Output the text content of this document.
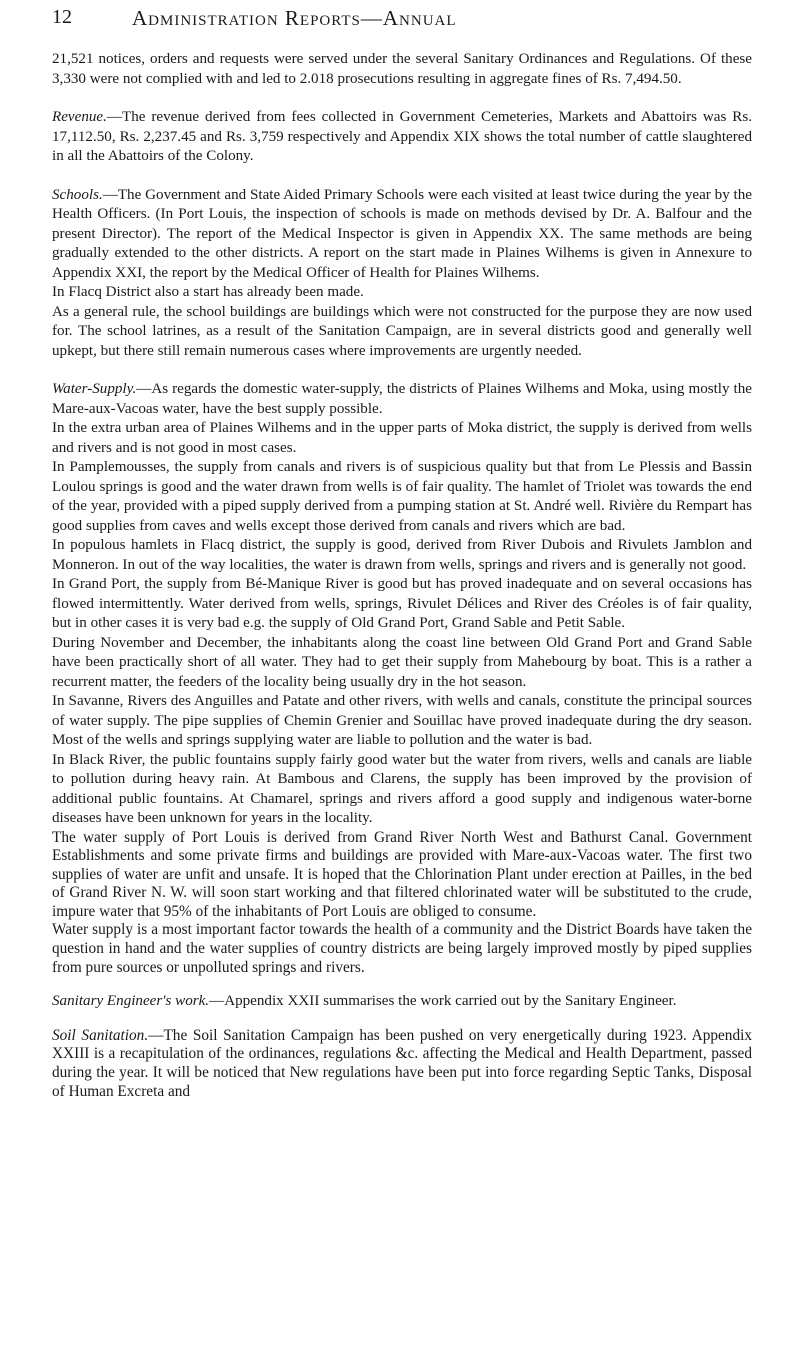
12	Administration Reports—Annual

21,521 notices, orders and requests were served under the several Sanitary Ordinances and Regulations. Of these 3,330 were not complied with and led to 2.018 prosecutions resulting in aggregate fines of Rs. 7,494.50.

Revenue.—The revenue derived from fees collected in Government Cemeteries, Markets and Abattoirs was Rs. 17,112.50, Rs. 2,237.45 and Rs. 3,759 respectively and Appendix XIX shows the total number of cattle slaughtered in all the Abattoirs of the Colony.

Schools.—The Government and State Aided Primary Schools were each visited at least twice during the year by the Health Officers. (In Port Louis, the inspection of schools is made on methods devised by Dr. A. Balfour and the present Director). The report of the Medical Inspector is given in Appendix XX. The same methods are being gradually extended to the other districts. A report on the start made in Plaines Wilhems is given in Annexure to Appendix XXI, the report by the Medical Officer of Health for Plaines Wilhems.

In Flacq District also a start has already been made.

As a general rule, the school buildings are buildings which were not constructed for the purpose they are now used for. The school latrines, as a result of the Sanitation Campaign, are in several districts good and generally well upkept, but there still remain numerous cases where improvements are urgently needed.

Water-Supply.—As regards the domestic water-supply, the districts of Plaines Wilhems and Moka, using mostly the Mare-aux-Vacoas water, have the best supply possible.

In the extra urban area of Plaines Wilhems and in the upper parts of Moka district, the supply is derived from wells and rivers and is not good in most cases.

In Pamplemousses, the supply from canals and rivers is of suspicious quality but that from Le Plessis and Bassin Loulou springs is good and the water drawn from wells is of fair quality. The hamlet of Triolet was towards the end of the year, provided with a piped supply derived from a pumping station at St. André well. Rivière du Rempart has good supplies from caves and wells except those derived from canals and rivers which are bad.

In populous hamlets in Flacq district, the supply is good, derived from River Dubois and Rivulets Jamblon and Monneron. In out of the way localities, the water is drawn from wells, springs and rivers and is generally not good.

In Grand Port, the supply from Bé-Manique River is good but has proved inadequate and on several occasions has flowed intermittently. Water derived from wells, springs, Rivulet Délices and River des Créoles is of fair quality, but in other cases it is very bad e.g. the supply of Old Grand Port, Grand Sable and Petit Sable.

During November and December, the inhabitants along the coast line between Old Grand Port and Grand Sable have been practically short of all water. They had to get their supply from Mahebourg by boat. This is a rather a recurrent matter, the feeders of the locality being usually dry in the hot season.

In Savanne, Rivers des Anguilles and Patate and other rivers, with wells and canals, constitute the principal sources of water supply. The pipe supplies of Chemin Grenier and Souillac have proved inadequate during the dry season. Most of the wells and springs supplying water are liable to pollution and the water is bad.

In Black River, the public fountains supply fairly good water but the water from rivers, wells and canals are liable to pollution during heavy rain. At Bambous and Clarens, the supply has been improved by the provision of additional public fountains. At Chamarel, springs and rivers afford a good supply and indigenous water-borne diseases have been unknown for years in the locality.

The water supply of Port Louis is derived from Grand River North West and Bathurst Canal. Government Establishments and some private firms and buildings are provided with Mare-aux-Vacoas water. The first two supplies of water are unfit and unsafe. It is hoped that the Chlorination Plant under erection at Pailles, in the bed of Grand River N. W. will soon start working and that filtered chlorinated water will be substituted to the crude, impure water that 95% of the inhabitants of Port Louis are obliged to consume.

Water supply is a most important factor towards the health of a community and the District Boards have taken the question in hand and the water supplies of country districts are being largely improved mostly by piped supplies from pure sources or unpolluted springs and rivers.

Sanitary Engineer's work.—Appendix XXII summarises the work carried out by the Sanitary Engineer.

Soil Sanitation.—The Soil Sanitation Campaign has been pushed on very energetically during 1923. Appendix XXIII is a recapitulation of the ordinances, regulations &c. affecting the Medical and Health Department, passed during the year. It will be noticed that New regulations have been put into force regarding Septic Tanks, Disposal of Human Excreta and
